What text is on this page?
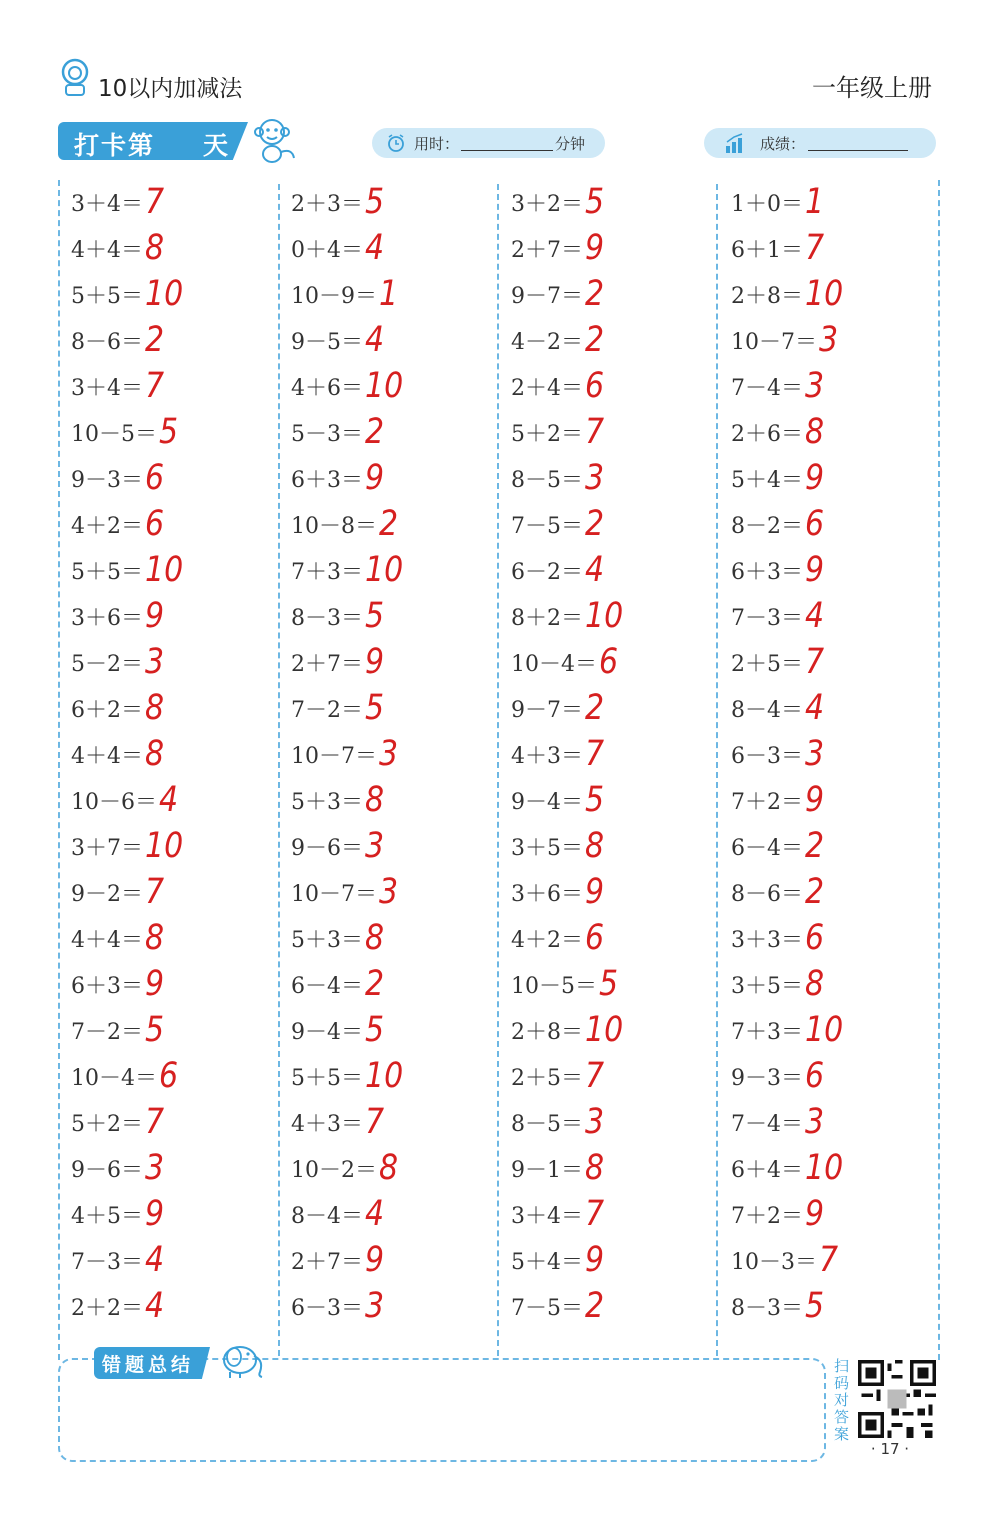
10以内加减法	一年级上册
打卡第 天	用时：	分钟	成绩：
3＋4＝ 7
4＋4＝ 8
5＋5＝ 10
8－6＝ 2
3＋4＝ 7
10－5＝ 5
9－3＝ 6
4＋2＝ 6
5＋5＝ 10
3＋6＝ 9
5－2＝ 3
6＋2＝ 8
4＋4＝ 8
10－6＝ 4
3＋7＝ 10
9－2＝ 7
4＋4＝ 8
6＋3＝ 9
7－2＝ 5
10－4＝ 6
5＋2＝ 7
9－6＝ 3
4＋5＝ 9
7－3＝ 4
2＋2＝ 4
2＋3＝ 5
0＋4＝ 4
10－9＝ 1
9－5＝ 4
4＋6＝ 10
5－3＝ 2
6＋3＝ 9
10－8＝ 2
7＋3＝ 10
8－3＝ 5
2＋7＝ 9
7－2＝ 5
10－7＝ 3
5＋3＝ 8
9－6＝ 3
10－7＝ 3
5＋3＝ 8
6－4＝ 2
9－4＝ 5
5＋5＝ 10
4＋3＝ 7
10－2＝ 8
8－4＝ 4
2＋7＝ 9
6－3＝ 3
3＋2＝ 5
2＋7＝ 9
9－7＝ 2
4－2＝ 2
2＋4＝ 6
5＋2＝ 7
8－5＝ 3
7－5＝ 2
6－2＝ 4
8＋2＝ 10
10－4＝ 6
9－7＝ 2
4＋3＝ 7
9－4＝ 5
3＋5＝ 8
3＋6＝ 9
4＋2＝ 6
10－5＝ 5
2＋8＝ 10
2＋5＝ 7
8－5＝ 3
9－1＝ 8
3＋4＝ 7
5＋4＝ 9
7－5＝ 2
1＋0＝ 1
6＋1＝ 7
2＋8＝ 10
10－7＝ 3
7－4＝ 3
2＋6＝ 8
5＋4＝ 9
8－2＝ 6
6＋3＝ 9
7－3＝ 4
2＋5＝ 7
8－4＝ 4
6－3＝ 3
7＋2＝ 9
6－4＝ 2
8－6＝ 2
3＋3＝ 6
3＋5＝ 8
7＋3＝ 10
9－3＝ 6
7－4＝ 3
6＋4＝ 10
7＋2＝ 9
10－3＝ 7
8－3＝ 5
错题总结	扫码对答案
· 17 ·
